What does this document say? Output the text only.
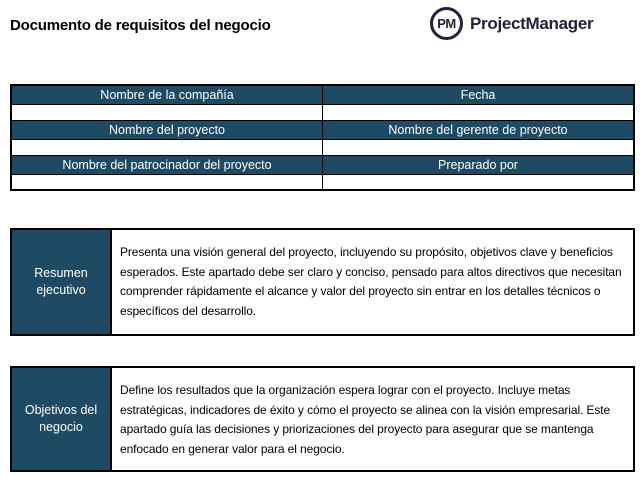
Documento de requisitos del negocio	PM ProjectManager
Nombre de la compañía	Fecha

Nombre del proyecto	Nombre del gerente de proyecto

Nombre del patrocinador del proyecto	Preparado por

Resumen ejecutivo
Presenta una visión general del proyecto, incluyendo su propósito, objetivos clave y beneficios esperados. Este apartado debe ser claro y conciso, pensado para altos directivos que necesitan comprender rápidamente el alcance y valor del proyecto sin entrar en los detalles técnicos o específicos del desarrollo.
Objetivos del negocio
Define los resultados que la organización espera lograr con el proyecto. Incluye metas estratégicas, indicadores de éxito y cómo el proyecto se alinea con la visión empresarial. Este apartado guía las decisiones y priorizaciones del proyecto para asegurar que se mantenga enfocado en generar valor para el negocio.
